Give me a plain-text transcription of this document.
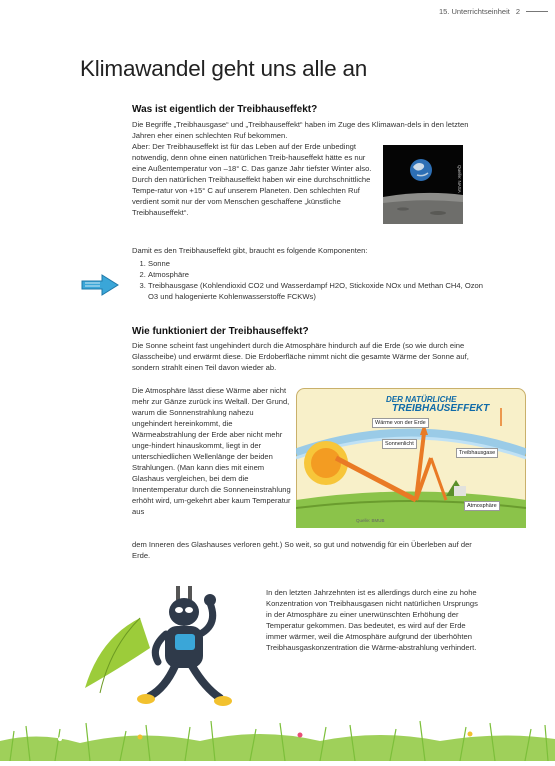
15. Unterrichtseinheit 2
Klimawandel geht uns alle an
Was ist eigentlich der Treibhauseffekt?

Die Begriffe „Treibhausgase“ und „Treibhauseffekt“ haben im Zuge des Klimawan-dels in den letzten Jahren eher einen schlechten Ruf bekommen.

Aber: Der Treibhauseffekt ist für das Leben auf der Erde unbedingt notwendig, denn ohne einen natürlichen Treib-hauseffekt hätte es nur eine Außentemperatur von –18° C. Das ganze Jahr tiefster Winter also. Durch den natürlichen Treibhauseffekt haben wir eine durchschnittliche Tempe-ratur von +15° C auf unserem Planeten. Den schlechten Ruf verdient somit nur der vom Menschen geschaffene „künstliche Treibhauseffekt“.

Quelle: NASA
Damit es den Treibhauseffekt gibt, braucht es folgende Komponenten:
1. Sonne
2. Atmosphäre
3. Treibhausgase (Kohlendioxid CO2 und Wasserdampf H2O, Stickoxide NOx und Methan CH4, Ozon O3 und halogenierte Kohlenwasserstoffe FCKWs)
Wie funktioniert der Treibhauseffekt?
Die Sonne scheint fast ungehindert durch die Atmosphäre hindurch auf die Erde (so wie durch eine Glasscheibe) und erwärmt diese. Die Erdoberfläche nimmt nicht die gesamte Wärme der Sonne auf, sondern strahlt einen Teil davon wieder ab.
Die Atmosphäre lässt diese Wärme aber nicht mehr zur Gänze zurück ins Weltall. Der Grund, warum die Sonnenstrahlung nahezu ungehindert hereinkommt, die Wärmeabstrahlung der Erde aber nicht mehr unge-hindert hinauskommt, liegt in der unterschiedlichen Wellenlänge der beiden Strahlungen. (Man kann dies mit einem Glashaus vergleichen, bei dem die Innentemperatur durch die Sonneneinstrahlung erhöht wird, um-gekehrt aber kaum Temperatur aus
dem Inneren des Glashauses verloren geht.) So weit, so gut und notwendig für ein Überleben auf der Erde.
DER NATÜRLICHE
TREIBHAUSEFFEKT
Wärme von der Erde
Sonnenlicht
Treibhausgase
Atmosphäre
Quelle: BMUB
In den letzten Jahrzehnten ist es allerdings durch eine zu hohe Konzentration von Treibhausgasen nicht natürlichen Ursprungs in der Atmosphäre zu einer unerwünschten Erhöhung der Temperatur gekommen. Das bedeutet, es wird auf der Erde immer wärmer, weil die Atmosphäre aufgrund der überhöhten Treibhausgaskonzentration die Wärme-abstrahlung verhindert.
